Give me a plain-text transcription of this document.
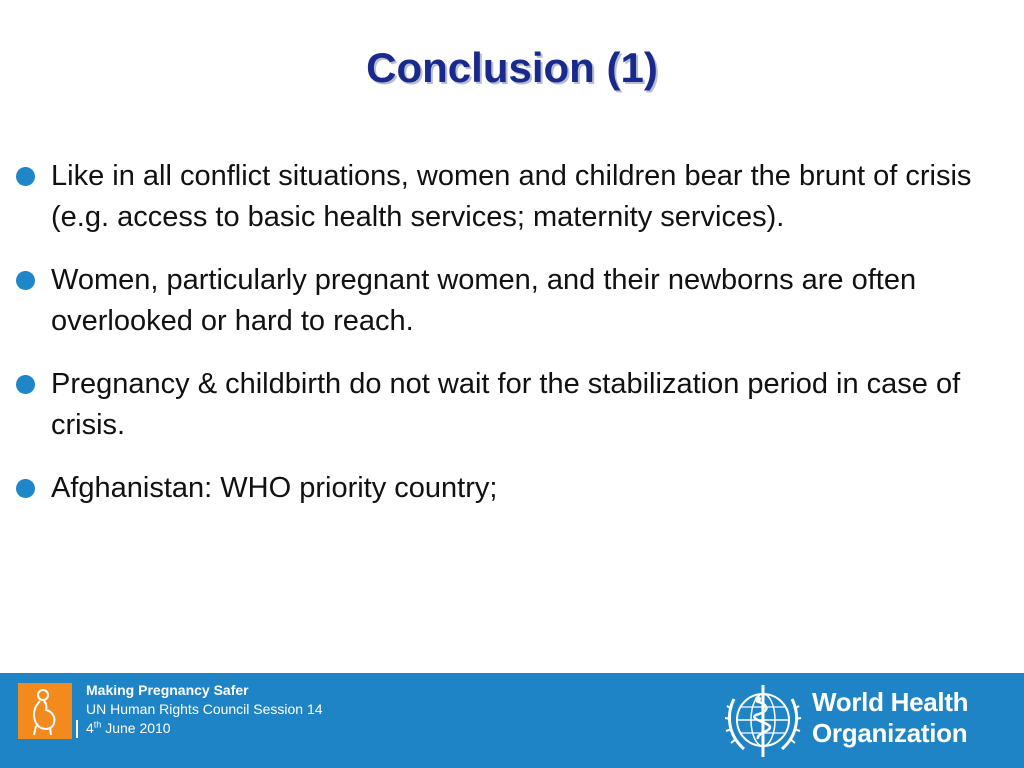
Conclusion (1)
Like in all conflict situations, women and children bear the brunt of crisis (e.g. access to basic health services; maternity services).
Women, particularly pregnant women, and their newborns are often overlooked or hard to reach.
Pregnancy & childbirth do not wait for the stabilization period in case of crisis.
Afghanistan: WHO priority country;
Making Pregnancy Safer
UN Human Rights Council Session 14
4th June 2010
World Health
Organization
